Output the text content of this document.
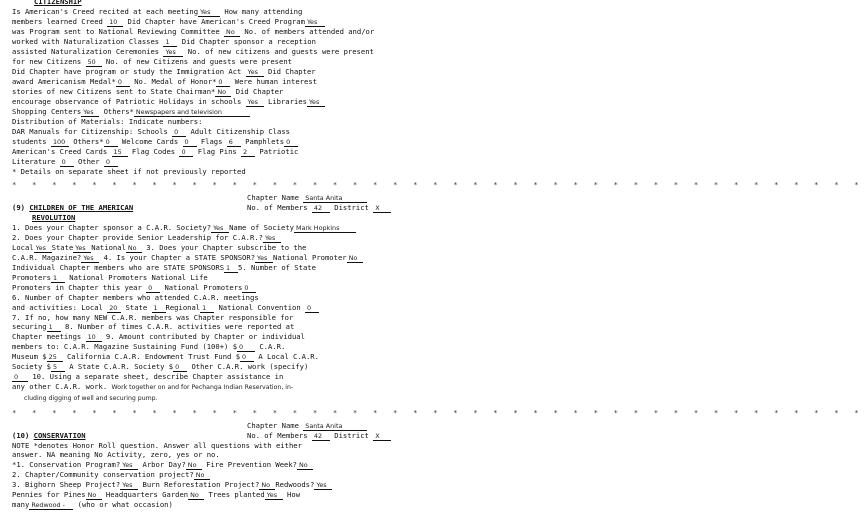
CITIZENSHIP
Is American's Creed recited at each meeting Yes How many attending
members learned Creed 10 Did Chapter have American's Creed Program Yes
was Program sent to National Reviewing Committee No No. of members attended and/or
worked with Naturalization Classes 1 Did Chapter sponsor a reception
assisted Naturalization Ceremonies Yes No. of new citizens and guests were present
for new Citizens 50 No. of new Citizens and guests were present
Did Chapter have program or study the Immigration Act Yes Did Chapter
award Americanism Medal* 0 No. Medal of Honor* 0 Were human interest
stories of new Citizens sent to State Chairman* No Did Chapter
encourage observance of Patriotic Holidays in schools Yes Libraries Yes
Shopping Centers Yes Others* Newspapers and television
Distribution of Materials: Indicate numbers:
DAR Manuals for Citizenship: Schools 0 Adult Citizenship Class
students 100 Others* 0 Welcome Cards 0 Flags 6 Pamphlets 0
American's Creed Cards 15 Flag Codes 0 Flag Pins 2 Patriotic
Literature 0 Other 0
* Details on separate sheet if not previously reported
* * * * * * * * * * * * * * * * * * * * * * * * * * * * * * * * * * * * * * * * * * *
Chapter Name Santa Anita

(9) CHILDREN OF THE AMERICAN	No. of Members 42 District X
REVOLUTION
1. Does your Chapter sponsor a C.A.R. Society? Yes Name of Society Mark Hopkins
2. Does your Chapter provide Senior Leadership for C.A.R.? Yes
Local Yes State Yes National No 3. Does your Chapter subscribe to the
C.A.R. Magazine? Yes 4. Is your Chapter a STATE SPONSOR? Yes National Promoter No
Individual Chapter members who are STATE SPONSORS 1 5. Number of State
Promoters 1 National Promoters National Life
Promoters in Chapter this year 0 National Promoters 0
6. Number of Chapter members who attended C.A.R. meetings
and activities: Local 20 State 1 Regional 1 National Convention 0
7. If no, how many NEW C.A.R. members was Chapter responsible for
securing 1 8. Number of times C.A.R. activities were reported at
Chapter meetings 10 9. Amount contributed by Chapter or individual
members to: C.A.R. Magazine Sustaining Fund (100+) $ 0 C.A.R.
Museum $ 25 California C.A.R. Endowment Trust Fund $ 0 A Local C.A.R.
Society $ 5 A State C.A.R. Society $ 0 Other C.A.R. work (specify)
0 10. Using a separate sheet, describe Chapter assistance in
any other C.A.R. work. Work together on and for Pechanga Indian Reservation, in-
cluding digging of well and securing pump.
* * * * * * * * * * * * * * * * * * * * * * * * * * * * * * * * * * * * * * * * * * *
Chapter Name Santa Anita

(10) CONSERVATION	No. of Members 42 District X
NOTE *denotes Honor Roll question. Answer all questions with either
answer. NA meaning No Activity, zero, yes or no.
*1. Conservation Program? Yes Arbor Day? No Fire Prevention Week? No
2. Chapter/Community conservation project? No
3. Bighorn Sheep Project? Yes Burn Reforestation Project? No Redwoods? Yes
Pennies for Pines No Headquarters Garden No Trees planted Yes How
many Redwood - (who or what occasion)
